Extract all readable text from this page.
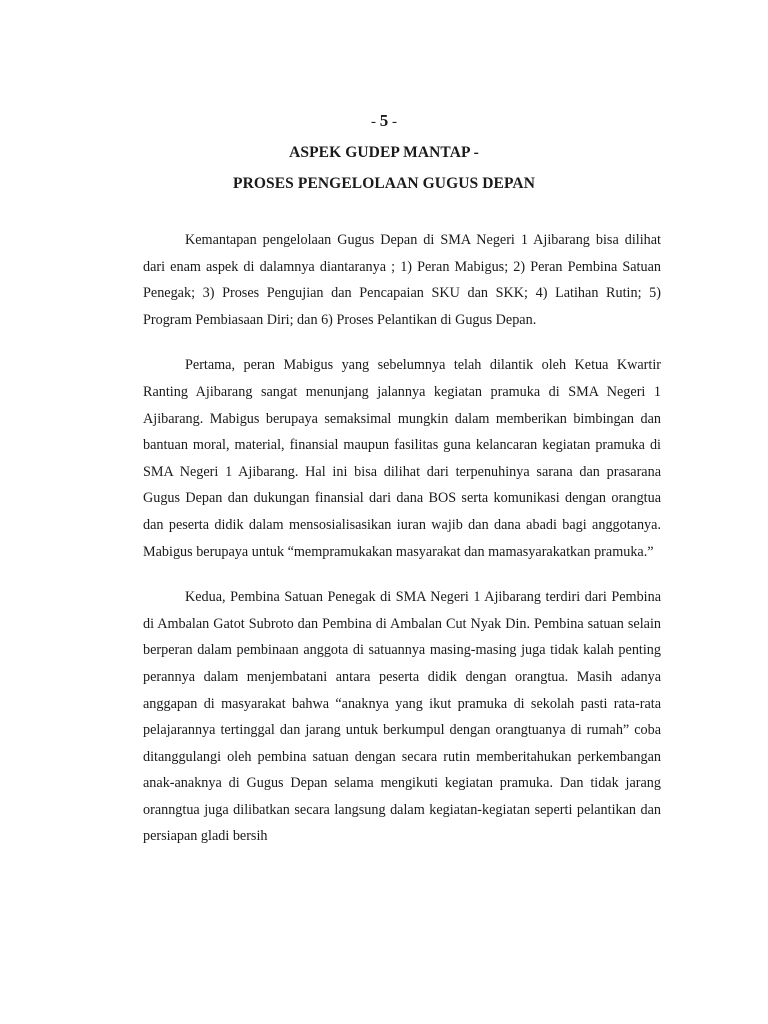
- 5 -

ASPEK GUDEP MANTAP -
PROSES PENGELOLAAN GUGUS DEPAN

Kemantapan pengelolaan Gugus Depan di SMA Negeri 1 Ajibarang bisa dilihat dari enam aspek di dalamnya diantaranya ; 1) Peran Mabigus; 2) Peran Pembina Satuan Penegak; 3) Proses Pengujian dan Pencapaian SKU dan SKK; 4) Latihan Rutin; 5) Program Pembiasaan Diri; dan 6) Proses Pelantikan di Gugus Depan.

Pertama, peran Mabigus yang sebelumnya telah dilantik oleh Ketua Kwartir Ranting Ajibarang sangat menunjang jalannya kegiatan pramuka di SMA Negeri 1 Ajibarang. Mabigus berupaya semaksimal mungkin dalam memberikan bimbingan dan bantuan moral, material, finansial maupun fasilitas guna kelancaran kegiatan pramuka di SMA Negeri 1 Ajibarang. Hal ini bisa dilihat dari terpenuhinya sarana dan prasarana Gugus Depan dan dukungan finansial dari dana BOS serta komunikasi dengan orangtua dan peserta didik dalam mensosialisasikan iuran wajib dan dana abadi bagi anggotanya. Mabigus berupaya untuk “mempramukakan masyarakat dan mamasyarakatkan pramuka.”

Kedua, Pembina Satuan Penegak di SMA Negeri 1 Ajibarang terdiri dari Pembina di Ambalan Gatot Subroto dan Pembina di Ambalan Cut Nyak Din. Pembina satuan selain berperan dalam pembinaan anggota di satuannya masing-masing juga tidak kalah penting perannya dalam menjembatani antara peserta didik dengan orangtua. Masih adanya anggapan di masyarakat bahwa “anaknya yang ikut pramuka di sekolah pasti rata-rata pelajarannya tertinggal dan jarang untuk berkumpul dengan orangtuanya di rumah” coba ditanggulangi oleh pembina satuan dengan secara rutin memberitahukan perkembangan anak-anaknya di Gugus Depan selama mengikuti kegiatan pramuka. Dan tidak jarang oranngtua juga dilibatkan secara langsung dalam kegiatan-kegiatan seperti pelantikan dan persiapan gladi bersih
